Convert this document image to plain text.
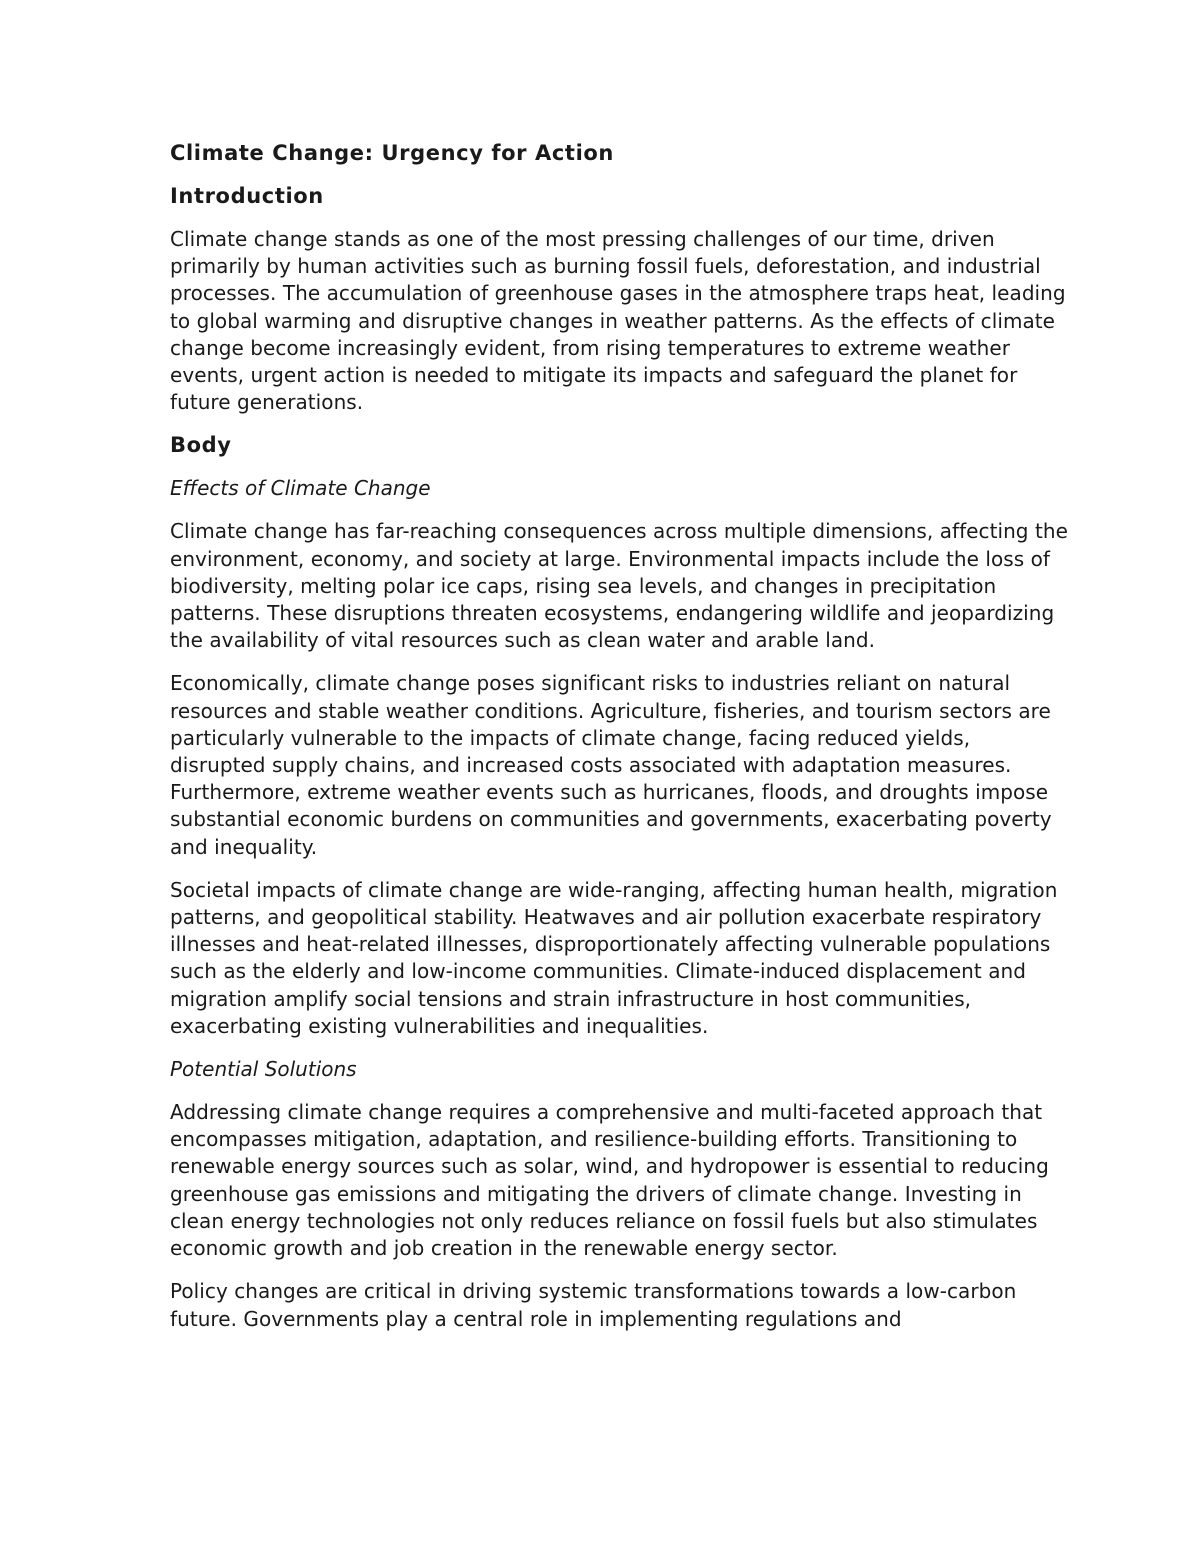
Climate Change: Urgency for Action
Introduction

Climate change stands as one of the most pressing challenges of our time, driven primarily by human activities such as burning fossil fuels, deforestation, and industrial processes. The accumulation of greenhouse gases in the atmosphere traps heat, leading to global warming and disruptive changes in weather patterns. As the effects of climate change become increasingly evident, from rising temperatures to extreme weather events, urgent action is needed to mitigate its impacts and safeguard the planet for future generations.

Body
Effects of Climate Change

Climate change has far-reaching consequences across multiple dimensions, affecting the environment, economy, and society at large. Environmental impacts include the loss of biodiversity, melting polar ice caps, rising sea levels, and changes in precipitation patterns. These disruptions threaten ecosystems, endangering wildlife and jeopardizing the availability of vital resources such as clean water and arable land.

Economically, climate change poses significant risks to industries reliant on natural resources and stable weather conditions. Agriculture, fisheries, and tourism sectors are particularly vulnerable to the impacts of climate change, facing reduced yields, disrupted supply chains, and increased costs associated with adaptation measures. Furthermore, extreme weather events such as hurricanes, floods, and droughts impose substantial economic burdens on communities and governments, exacerbating poverty and inequality.

Societal impacts of climate change are wide-ranging, affecting human health, migration patterns, and geopolitical stability. Heatwaves and air pollution exacerbate respiratory illnesses and heat-related illnesses, disproportionately affecting vulnerable populations such as the elderly and low-income communities. Climate-induced displacement and migration amplify social tensions and strain infrastructure in host communities, exacerbating existing vulnerabilities and inequalities.

Potential Solutions

Addressing climate change requires a comprehensive and multi-faceted approach that encompasses mitigation, adaptation, and resilience-building efforts. Transitioning to renewable energy sources such as solar, wind, and hydropower is essential to reducing greenhouse gas emissions and mitigating the drivers of climate change. Investing in clean energy technologies not only reduces reliance on fossil fuels but also stimulates economic growth and job creation in the renewable energy sector.

Policy changes are critical in driving systemic transformations towards a low-carbon future. Governments play a central role in implementing regulations and
